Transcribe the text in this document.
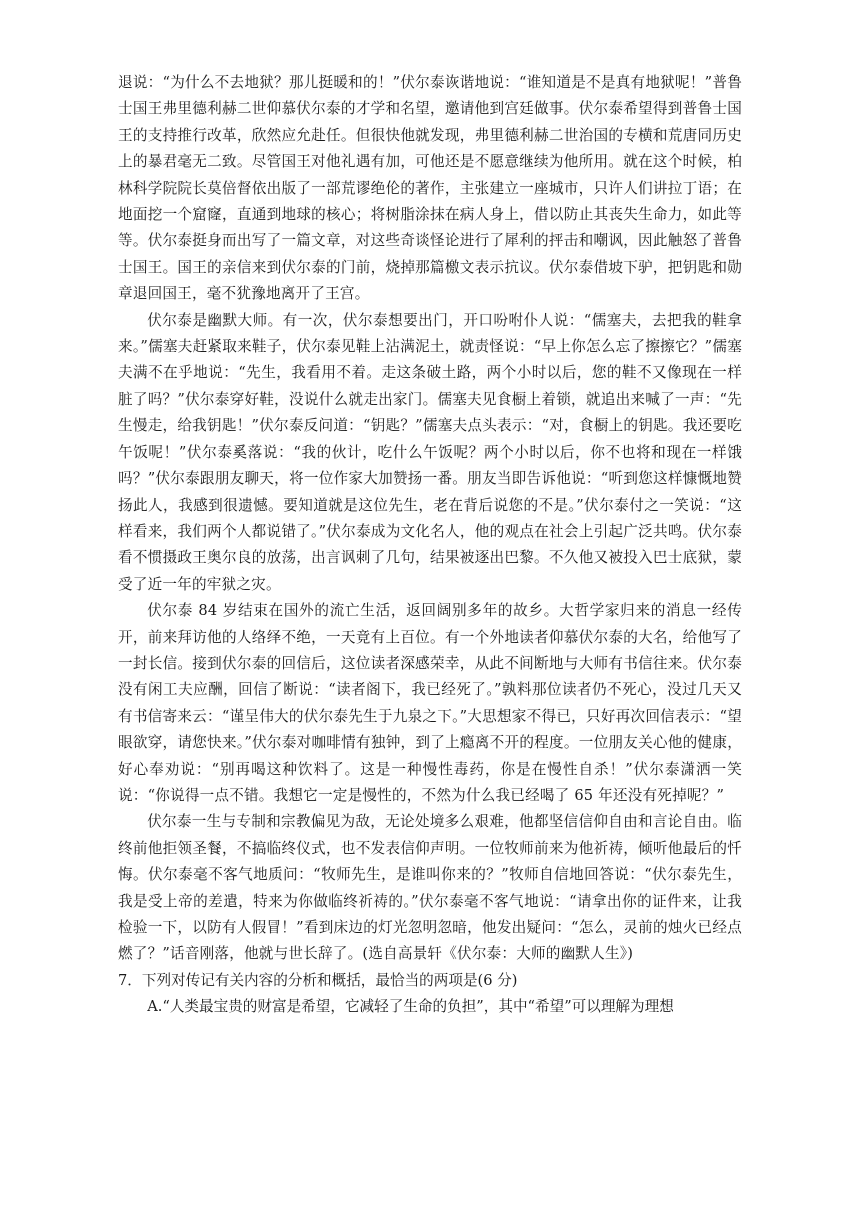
退说：“为什么不去地狱？那儿挺暖和的！”伏尔泰诙谐地说：“谁知道是不是真有地狱呢！”普鲁士国王弗里德利赫二世仰慕伏尔泰的才学和名望，邀请他到宫廷做事。伏尔泰希望得到普鲁士国王的支持推行改革，欣然应允赴任。但很快他就发现，弗里德利赫二世治国的专横和荒唐同历史上的暴君毫无二致。尽管国王对他礼遇有加，可他还是不愿意继续为他所用。就在这个时候，柏林科学院院长莫倍督依出版了一部荒谬绝伦的著作，主张建立一座城市，只许人们讲拉丁语；在地面挖一个窟窿，直通到地球的核心；将树脂涂抹在病人身上，借以防止其丧失生命力，如此等等。伏尔泰挺身而出写了一篇文章，对这些奇谈怪论进行了犀利的抨击和嘲讽，因此触怒了普鲁士国王。国王的亲信来到伏尔泰的门前，烧掉那篇檄文表示抗议。伏尔泰借坡下驴，把钥匙和勋章退回国王，毫不犹豫地离开了王宫。

伏尔泰是幽默大师。有一次，伏尔泰想要出门，开口吩咐仆人说：“儒塞夫，去把我的鞋拿来。”儒塞夫赶紧取来鞋子，伏尔泰见鞋上沾满泥土，就责怪说：“早上你怎么忘了擦擦它？”儒塞夫满不在乎地说：“先生，我看用不着。走这条破土路，两个小时以后，您的鞋不又像现在一样脏了吗？”伏尔泰穿好鞋，没说什么就走出家门。儒塞夫见食橱上着锁，就追出来喊了一声：“先生慢走，给我钥匙！”伏尔泰反问道：“钥匙？”儒塞夫点头表示：“对，食橱上的钥匙。我还要吃午饭呢！”伏尔泰奚落说：“我的伙计，吃什么午饭呢？两个小时以后，你不也将和现在一样饿吗？”伏尔泰跟朋友聊天，将一位作家大加赞扬一番。朋友当即告诉他说：“听到您这样慷慨地赞扬此人，我感到很遗憾。要知道就是这位先生，老在背后说您的不是。”伏尔泰付之一笑说：“这样看来，我们两个人都说错了。”伏尔泰成为文化名人，他的观点在社会上引起广泛共鸣。伏尔泰看不惯摄政王奥尔良的放荡，出言讽刺了几句，结果被逐出巴黎。不久他又被投入巴士底狱，蒙受了近一年的牢狱之灾。

伏尔泰 84 岁结束在国外的流亡生活，返回阔别多年的故乡。大哲学家归来的消息一经传开，前来拜访他的人络绎不绝，一天竟有上百位。有一个外地读者仰慕伏尔泰的大名，给他写了一封长信。接到伏尔泰的回信后，这位读者深感荣幸，从此不间断地与大师有书信往来。伏尔泰没有闲工夫应酬，回信了断说：“读者阁下，我已经死了。”孰料那位读者仍不死心，没过几天又有书信寄来云：“谨呈伟大的伏尔泰先生于九泉之下。”大思想家不得已，只好再次回信表示：“望眼欲穿，请您快来。”伏尔泰对咖啡情有独钟，到了上瘾离不开的程度。一位朋友关心他的健康，好心奉劝说：“别再喝这种饮料了。这是一种慢性毒药，你是在慢性自杀！”伏尔泰潇洒一笑说：“你说得一点不错。我想它一定是慢性的，不然为什么我已经喝了 65 年还没有死掉呢？”

伏尔泰一生与专制和宗教偏见为敌，无论处境多么艰难，他都坚信信仰自由和言论自由。临终前他拒领圣餐，不搞临终仪式，也不发表信仰声明。一位牧师前来为他祈祷，倾听他最后的忏悔。伏尔泰毫不客气地质问：“牧师先生，是谁叫你来的？”牧师自信地回答说：“伏尔泰先生，我是受上帝的差遣，特来为你做临终祈祷的。”伏尔泰毫不客气地说：“请拿出你的证件来，让我检验一下，以防有人假冒！”看到床边的灯光忽明忽暗，他发出疑问：“怎么，灵前的烛火已经点燃了？”话音刚落，他就与世长辞了。(选自高景轩《伏尔泰：大师的幽默人生》)

7．下列对传记有关内容的分析和概括，最恰当的两项是(6 分)

A.“人类最宝贵的财富是希望，它减轻了生命的负担”，其中“希望”可以理解为理想
